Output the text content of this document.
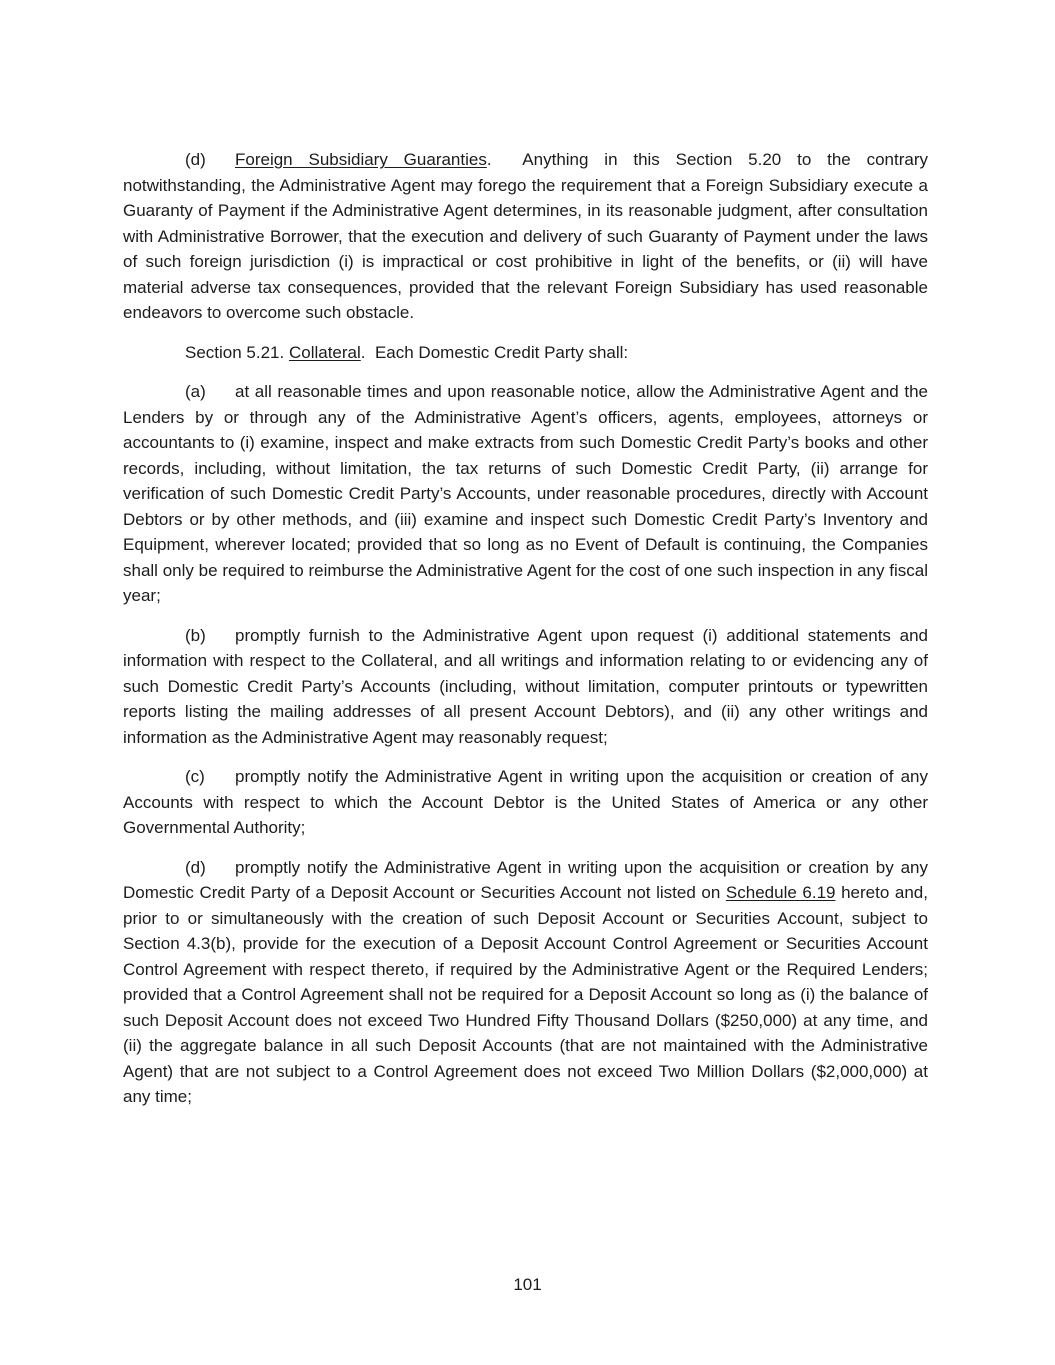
(d) Foreign Subsidiary Guaranties.  Anything in this Section 5.20 to the contrary notwithstanding, the Administrative Agent may forego the requirement that a Foreign Subsidiary execute a Guaranty of Payment if the Administrative Agent determines, in its reasonable judgment, after consultation with Administrative Borrower, that the execution and delivery of such Guaranty of Payment under the laws of such foreign jurisdiction (i) is impractical or cost prohibitive in light of the benefits, or (ii) will have material adverse tax consequences, provided that the relevant Foreign Subsidiary has used reasonable endeavors to overcome such obstacle.

Section 5.21. Collateral.  Each Domestic Credit Party shall:

(a) at all reasonable times and upon reasonable notice, allow the Administrative Agent and the Lenders by or through any of the Administrative Agent’s officers, agents, employees, attorneys or accountants to (i) examine, inspect and make extracts from such Domestic Credit Party’s books and other records, including, without limitation, the tax returns of such Domestic Credit Party, (ii) arrange for verification of such Domestic Credit Party’s Accounts, under reasonable procedures, directly with Account Debtors or by other methods, and (iii) examine and inspect such Domestic Credit Party’s Inventory and Equipment, wherever located; provided that so long as no Event of Default is continuing, the Companies shall only be required to reimburse the Administrative Agent for the cost of one such inspection in any fiscal year;

(b) promptly furnish to the Administrative Agent upon request (i) additional statements and information with respect to the Collateral, and all writings and information relating to or evidencing any of such Domestic Credit Party’s Accounts (including, without limitation, computer printouts or typewritten reports listing the mailing addresses of all present Account Debtors), and (ii) any other writings and information as the Administrative Agent may reasonably request;

(c) promptly notify the Administrative Agent in writing upon the acquisition or creation of any Accounts with respect to which the Account Debtor is the United States of America or any other Governmental Authority;

(d) promptly notify the Administrative Agent in writing upon the acquisition or creation by any Domestic Credit Party of a Deposit Account or Securities Account not listed on Schedule 6.19 hereto and, prior to or simultaneously with the creation of such Deposit Account or Securities Account, subject to Section 4.3(b), provide for the execution of a Deposit Account Control Agreement or Securities Account Control Agreement with respect thereto, if required by the Administrative Agent or the Required Lenders; provided that a Control Agreement shall not be required for a Deposit Account so long as (i) the balance of such Deposit Account does not exceed Two Hundred Fifty Thousand Dollars ($250,000) at any time, and (ii) the aggregate balance in all such Deposit Accounts (that are not maintained with the Administrative Agent) that are not subject to a Control Agreement does not exceed Two Million Dollars ($2,000,000) at any time;

101
